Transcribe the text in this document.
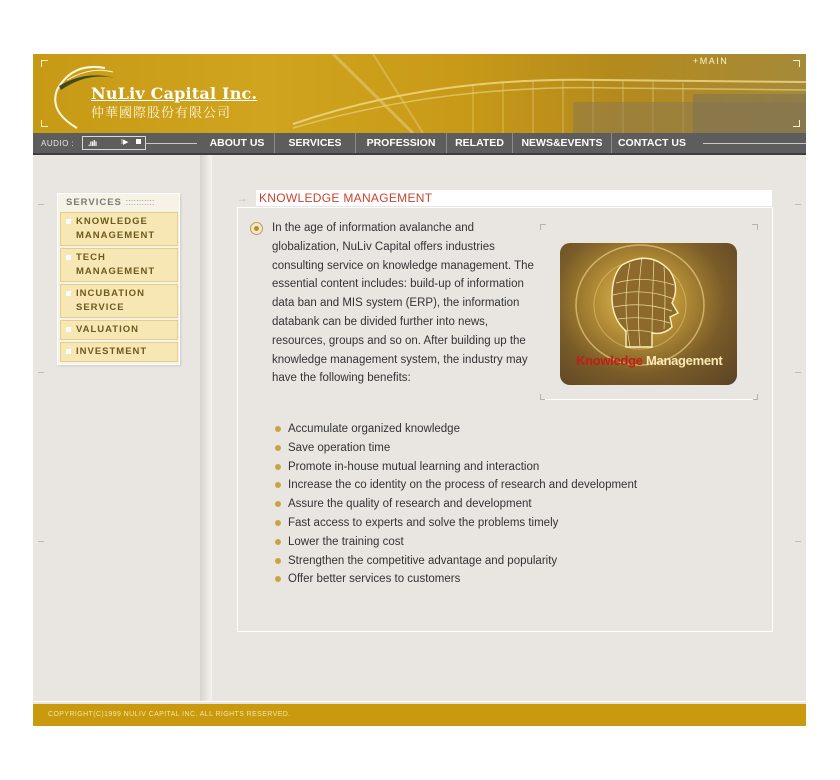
NuLiv Capital Inc.
仲華國際股份有限公司
+MAIN
AUDIO : .ııIı	I▶	ABOUT US	SERVICES	PROFESSION	RELATED	NEWS&EVENTS	CONTACT US
SERVICES :::::::::::
KNOWLEDGE MANAGEMENT
TECH MANAGEMENT
INCUBATION SERVICE
VALUATION
INVESTMENT
→ KNOWLEDGE MANAGEMENT
In the age of information avalanche and globalization, NuLiv Capital offers industries consulting service on knowledge management. The essential content includes: build-up of information data ban and MIS system (ERP), the information databank can be divided further into news, resources, groups and so on. After building up the knowledge management system, the industry may have the following benefits:
Knowledge Management
Accumulate organized knowledge
Save operation time
Promote in-house mutual learning and interaction
Increase the co identity on the process of research and development
Assure the quality of research and development
Fast access to experts and solve the problems timely
Lower the training cost
Strengthen the competitive advantage and popularity
Offer better services to customers
COPYRIGHT(C)1999 NULIV CAPITAL INC. ALL RIGHTS RESERVED.
